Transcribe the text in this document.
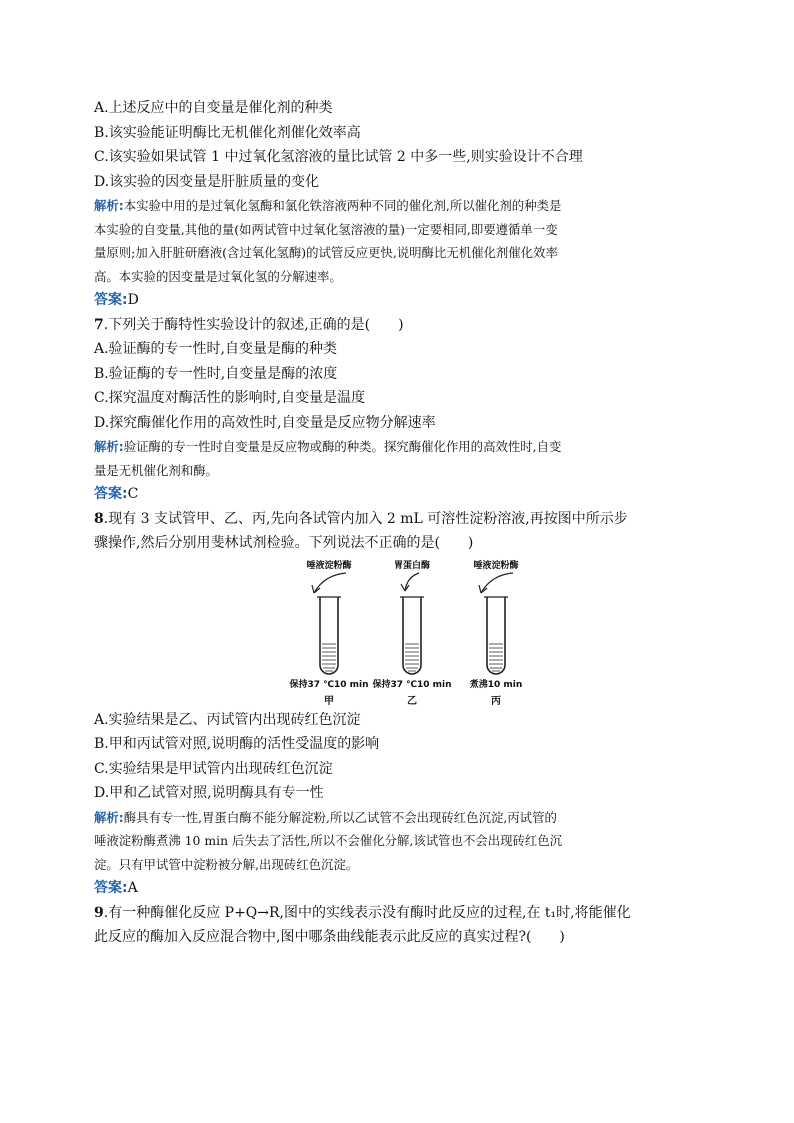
A.上述反应中的自变量是催化剂的种类
B.该实验能证明酶比无机催化剂催化效率高
C.该实验如果试管 1 中过氧化氢溶液的量比试管 2 中多一些,则实验设计不合理
D.该实验的因变量是肝脏质量的变化
解析:本实验中用的是过氧化氢酶和氯化铁溶液两种不同的催化剂,所以催化剂的种类是
本实验的自变量,其他的量(如两试管中过氧化氢溶液的量)一定要相同,即要遵循单一变
量原则;加入肝脏研磨液(含过氧化氢酶)的试管反应更快,说明酶比无机催化剂催化效率
高。本实验的因变量是过氧化氢的分解速率。
答案:D
7.下列关于酶特性实验设计的叙述,正确的是(　　)
A.验证酶的专一性时,自变量是酶的种类
B.验证酶的专一性时,自变量是酶的浓度
C.探究温度对酶活性的影响时,自变量是温度
D.探究酶催化作用的高效性时,自变量是反应物分解速率
解析:验证酶的专一性时自变量是反应物或酶的种类。探究酶催化作用的高效性时,自变
量是无机催化剂和酶。
答案:C
8.现有 3 支试管甲、乙、丙,先向各试管内加入 2 mL 可溶性淀粉溶液,再按图中所示步
骤操作,然后分别用斐林试剂检验。下列说法不正确的是(　　)
唾液淀粉酶
保持37 ℃10 min
甲
胃蛋白酶
保持37 ℃10 min
乙
唾液淀粉酶
煮沸10 min
丙
A.实验结果是乙、丙试管内出现砖红色沉淀
B.甲和丙试管对照,说明酶的活性受温度的影响
C.实验结果是甲试管内出现砖红色沉淀
D.甲和乙试管对照,说明酶具有专一性
解析:酶具有专一性,胃蛋白酶不能分解淀粉,所以乙试管不会出现砖红色沉淀,丙试管的
唾液淀粉酶煮沸 10 min 后失去了活性,所以不会催化分解,该试管也不会出现砖红色沉
淀。只有甲试管中淀粉被分解,出现砖红色沉淀。
答案:A
9.有一种酶催化反应 P+Q→R,图中的实线表示没有酶时此反应的过程,在 t₁时,将能催化
此反应的酶加入反应混合物中,图中哪条曲线能表示此反应的真实过程?(　　)
